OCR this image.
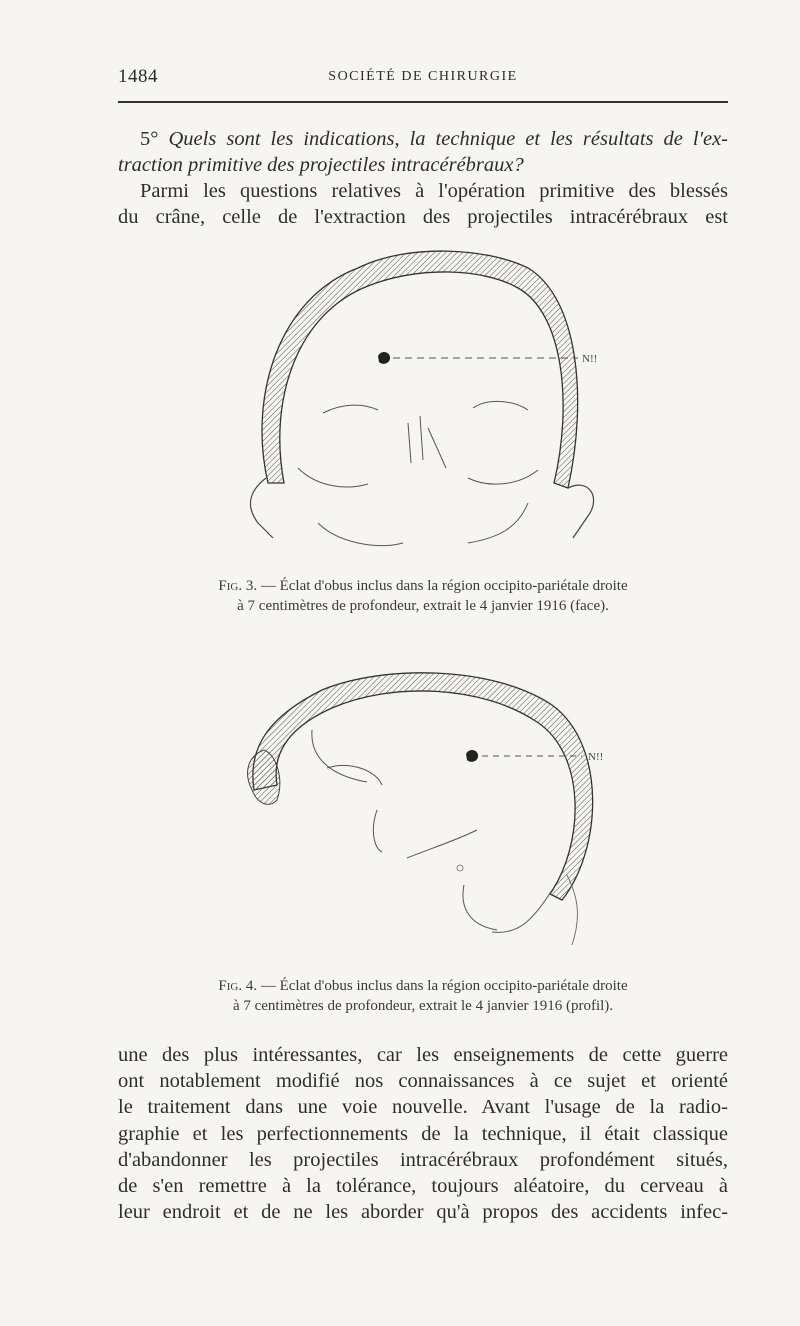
1484	SOCIÉTÉ DE CHIRURGIE
5° Quels sont les indications, la technique et les résultats de l'ex-
traction primitive des projectiles intracérébraux?
Parmi les questions relatives à l'opération primitive des blessés
du crâne, celle de l'extraction des projectiles intracérébraux est
N!!
Fig. 3. — Éclat d'obus inclus dans la région occipito-pariétale droite
à 7 centimètres de profondeur, extrait le 4 janvier 1916 (face).
N!!
Fig. 4. — Éclat d'obus inclus dans la région occipito-pariétale droite
à 7 centimètres de profondeur, extrait le 4 janvier 1916 (profil).
une des plus intéressantes, car les enseignements de cette guerre
ont notablement modifié nos connaissances à ce sujet et orienté
le traitement dans une voie nouvelle. Avant l'usage de la radio-
graphie et les perfectionnements de la technique, il était classique
d'abandonner les projectiles intracérébraux profondément situés,
de s'en remettre à la tolérance, toujours aléatoire, du cerveau à
leur endroit et de ne les aborder qu'à propos des accidents infec-
